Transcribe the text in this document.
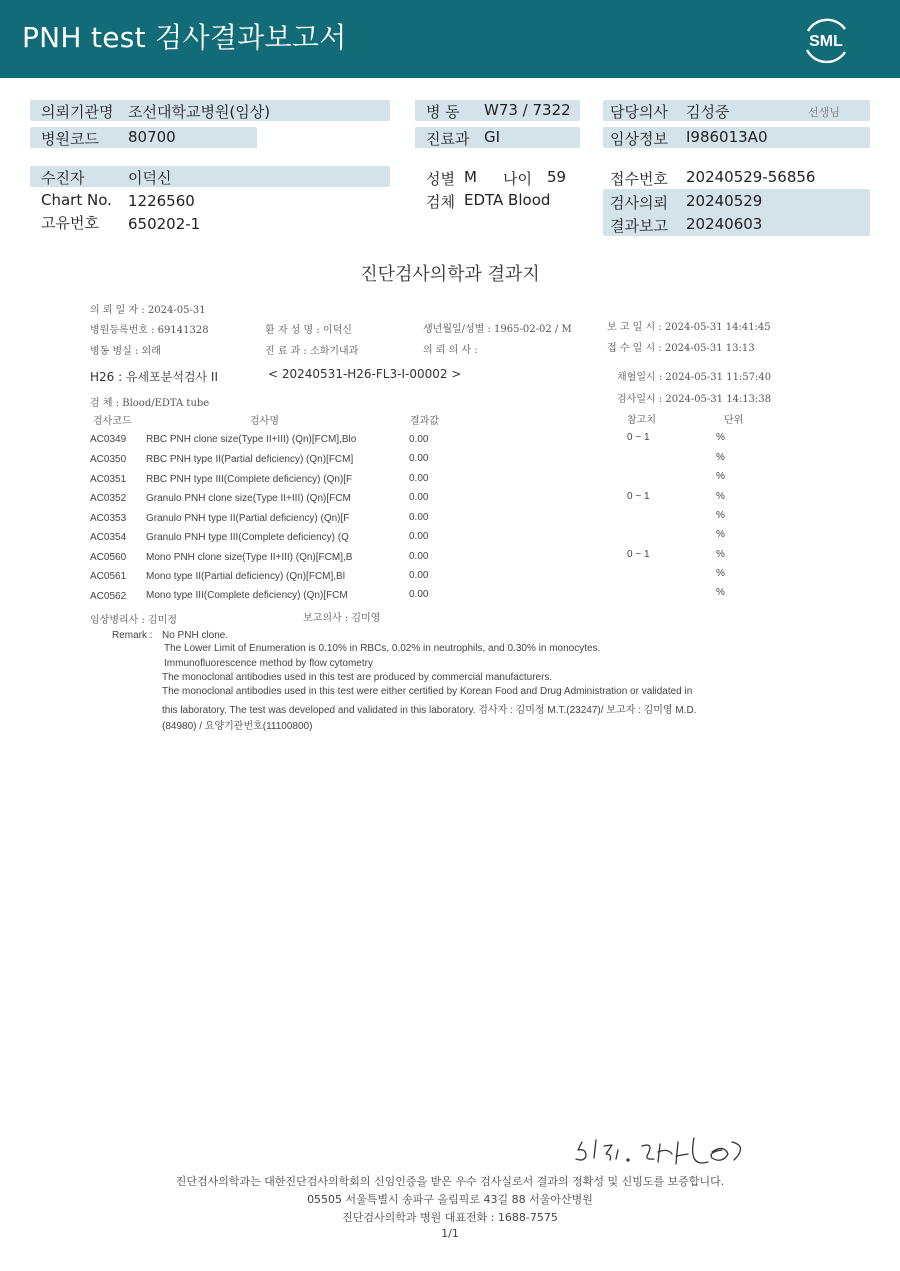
PNH test 검사결과보고서	SML
의뢰기관명 조선대학교병원(임상)
병원코드 80700
병 동 W73 / 7322
진료과 GI
담당의사 김성중	선생님
임상정보 I986013A0
수진자	이덕신
Chart No. 1226560
고유번호 650202-1
성별 M 나이 59
검체 EDTA Blood
접수번호 20240529-56856
검사의뢰 20240529
결과보고 20240603
진단검사의학과 결과지
의 뢰 일 자 : 2024-05-31
병원등록번호 : 69141328	환 자 성 명 : 이덕신	생년월일/성별 : 1965-02-02 / M	보 고 일 시 : 2024-05-31 14:41:45
병동 병실 : 외래	진 료 과 : 소화기내과	의 뢰 의 사 :	접 수 일 시 : 2024-05-31 13:13
H26 : 유세포분석검사 II	< 20240531-H26-FL3-I-00002 >	채혈일시 : 2024-05-31 11:57:40
검 체 : Blood/EDTA tube	검사일시 : 2024-05-31 14:13:38
검사코드	검사명	결과값	참고치	단위
AC0349 RBC PNH clone size(Type II+III) (Qn)[FCM],Blo	0.00	0 ~ 1	%
AC0350 RBC PNH type II(Partial deficiency) (Qn)[FCM]	0.00	%
AC0351 RBC PNH type III(Complete deficiency) (Qn)[F	0.00	%
AC0352 Granulo PNH clone size(Type II+III) (Qn)[FCM	0.00	0 ~ 1	%
AC0353 Granulo PNH type II(Partial deficiency) (Qn)[F	0.00	%
AC0354 Granulo PNH type III(Complete deficiency) (Q	0.00	%
AC0560 Mono PNH clone size(Type II+III) (Qn)[FCM],B	0.00	0 ~ 1	%
AC0561 Mono type II(Partial deficiency) (Qn)[FCM],Bl	0.00	%
AC0562 Mono type III(Complete deficiency) (Qn)[FCM	0.00	%
임상병리사 : 김미정	보고의사 : 김미영
Remark : No PNH clone.
The Lower Limit of Enumeration is 0.10% in RBCs, 0.02% in neutrophils, and 0.30% in monocytes.
Immunofluorescence method by flow cytometry
The monoclonal antibodies used in this test are produced by commercial manufacturers.
The monoclonal antibodies used in this test were either certified by Korean Food and Drug Administration or validated in
this laboratory. The test was developed and validated in this laboratory. 검사자 : 김미정 M.T.(23247)/ 보고자 : 김미영 M.D.
(84980) / 요양기관번호(11100800)
진단검사의학과는 대한진단검사의학회의 신임인증을 받은 우수 검사실로서 결과의 정확성 및 신빙도를 보증합니다.
05505 서울특별시 송파구 올림픽로 43길 88 서울아산병원
진단검사의학과 병원 대표전화 : 1688-7575
1/1
